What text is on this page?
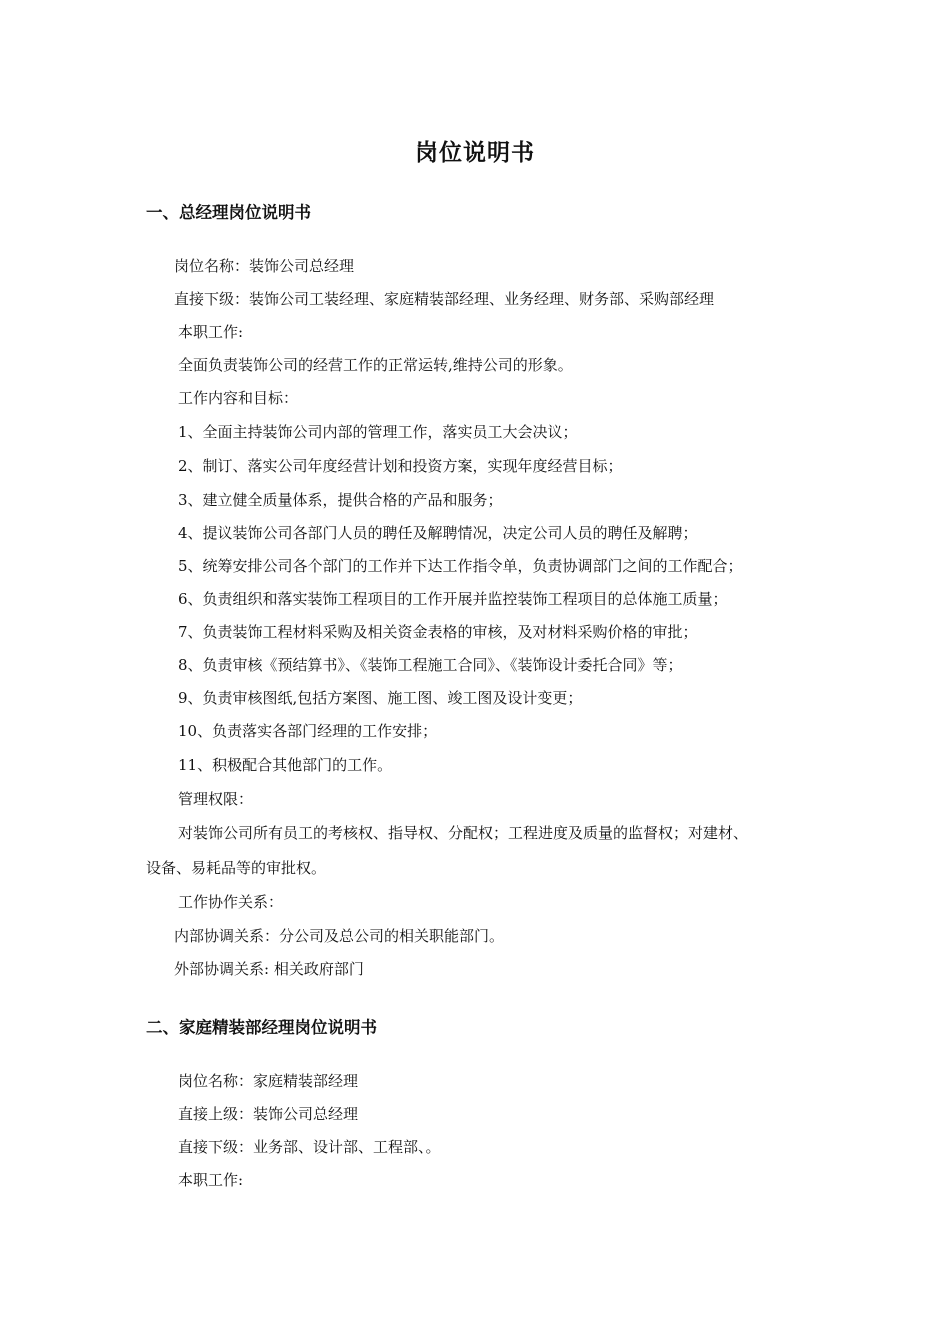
岗位说明书
一、总经理岗位说明书
岗位名称：装饰公司总经理
直接下级：装饰公司工装经理、家庭精装部经理、业务经理、财务部、采购部经理
本职工作:
全面负责装饰公司的经营工作的正常运转,维持公司的形象。
工作内容和目标：
1、全面主持装饰公司内部的管理工作，落实员工大会决议；
2、制订、落实公司年度经营计划和投资方案，实现年度经营目标；
3、建立健全质量体系，提供合格的产品和服务；
4、提议装饰公司各部门人员的聘任及解聘情况，决定公司人员的聘任及解聘；
5、统筹安排公司各个部门的工作并下达工作指令单，负责协调部门之间的工作配合；
6、负责组织和落实装饰工程项目的工作开展并监控装饰工程项目的总体施工质量；
7、负责装饰工程材料采购及相关资金表格的审核，及对材料采购价格的审批；
8、负责审核《预结算书》、《装饰工程施工合同》、《装饰设计委托合同》等；
9、负责审核图纸,包括方案图、施工图、竣工图及设计变更；
10、负责落实各部门经理的工作安排；
11、积极配合其他部门的工作。
管理权限：
对装饰公司所有员工的考核权、指导权、分配权；工程进度及质量的监督权；对建材、
设备、易耗品等的审批权。
工作协作关系：
内部协调关系：分公司及总公司的相关职能部门。
外部协调关系: 相关政府部门
二、家庭精装部经理岗位说明书
岗位名称：家庭精装部经理
直接上级：装饰公司总经理
直接下级：业务部、设计部、工程部、。
本职工作:
